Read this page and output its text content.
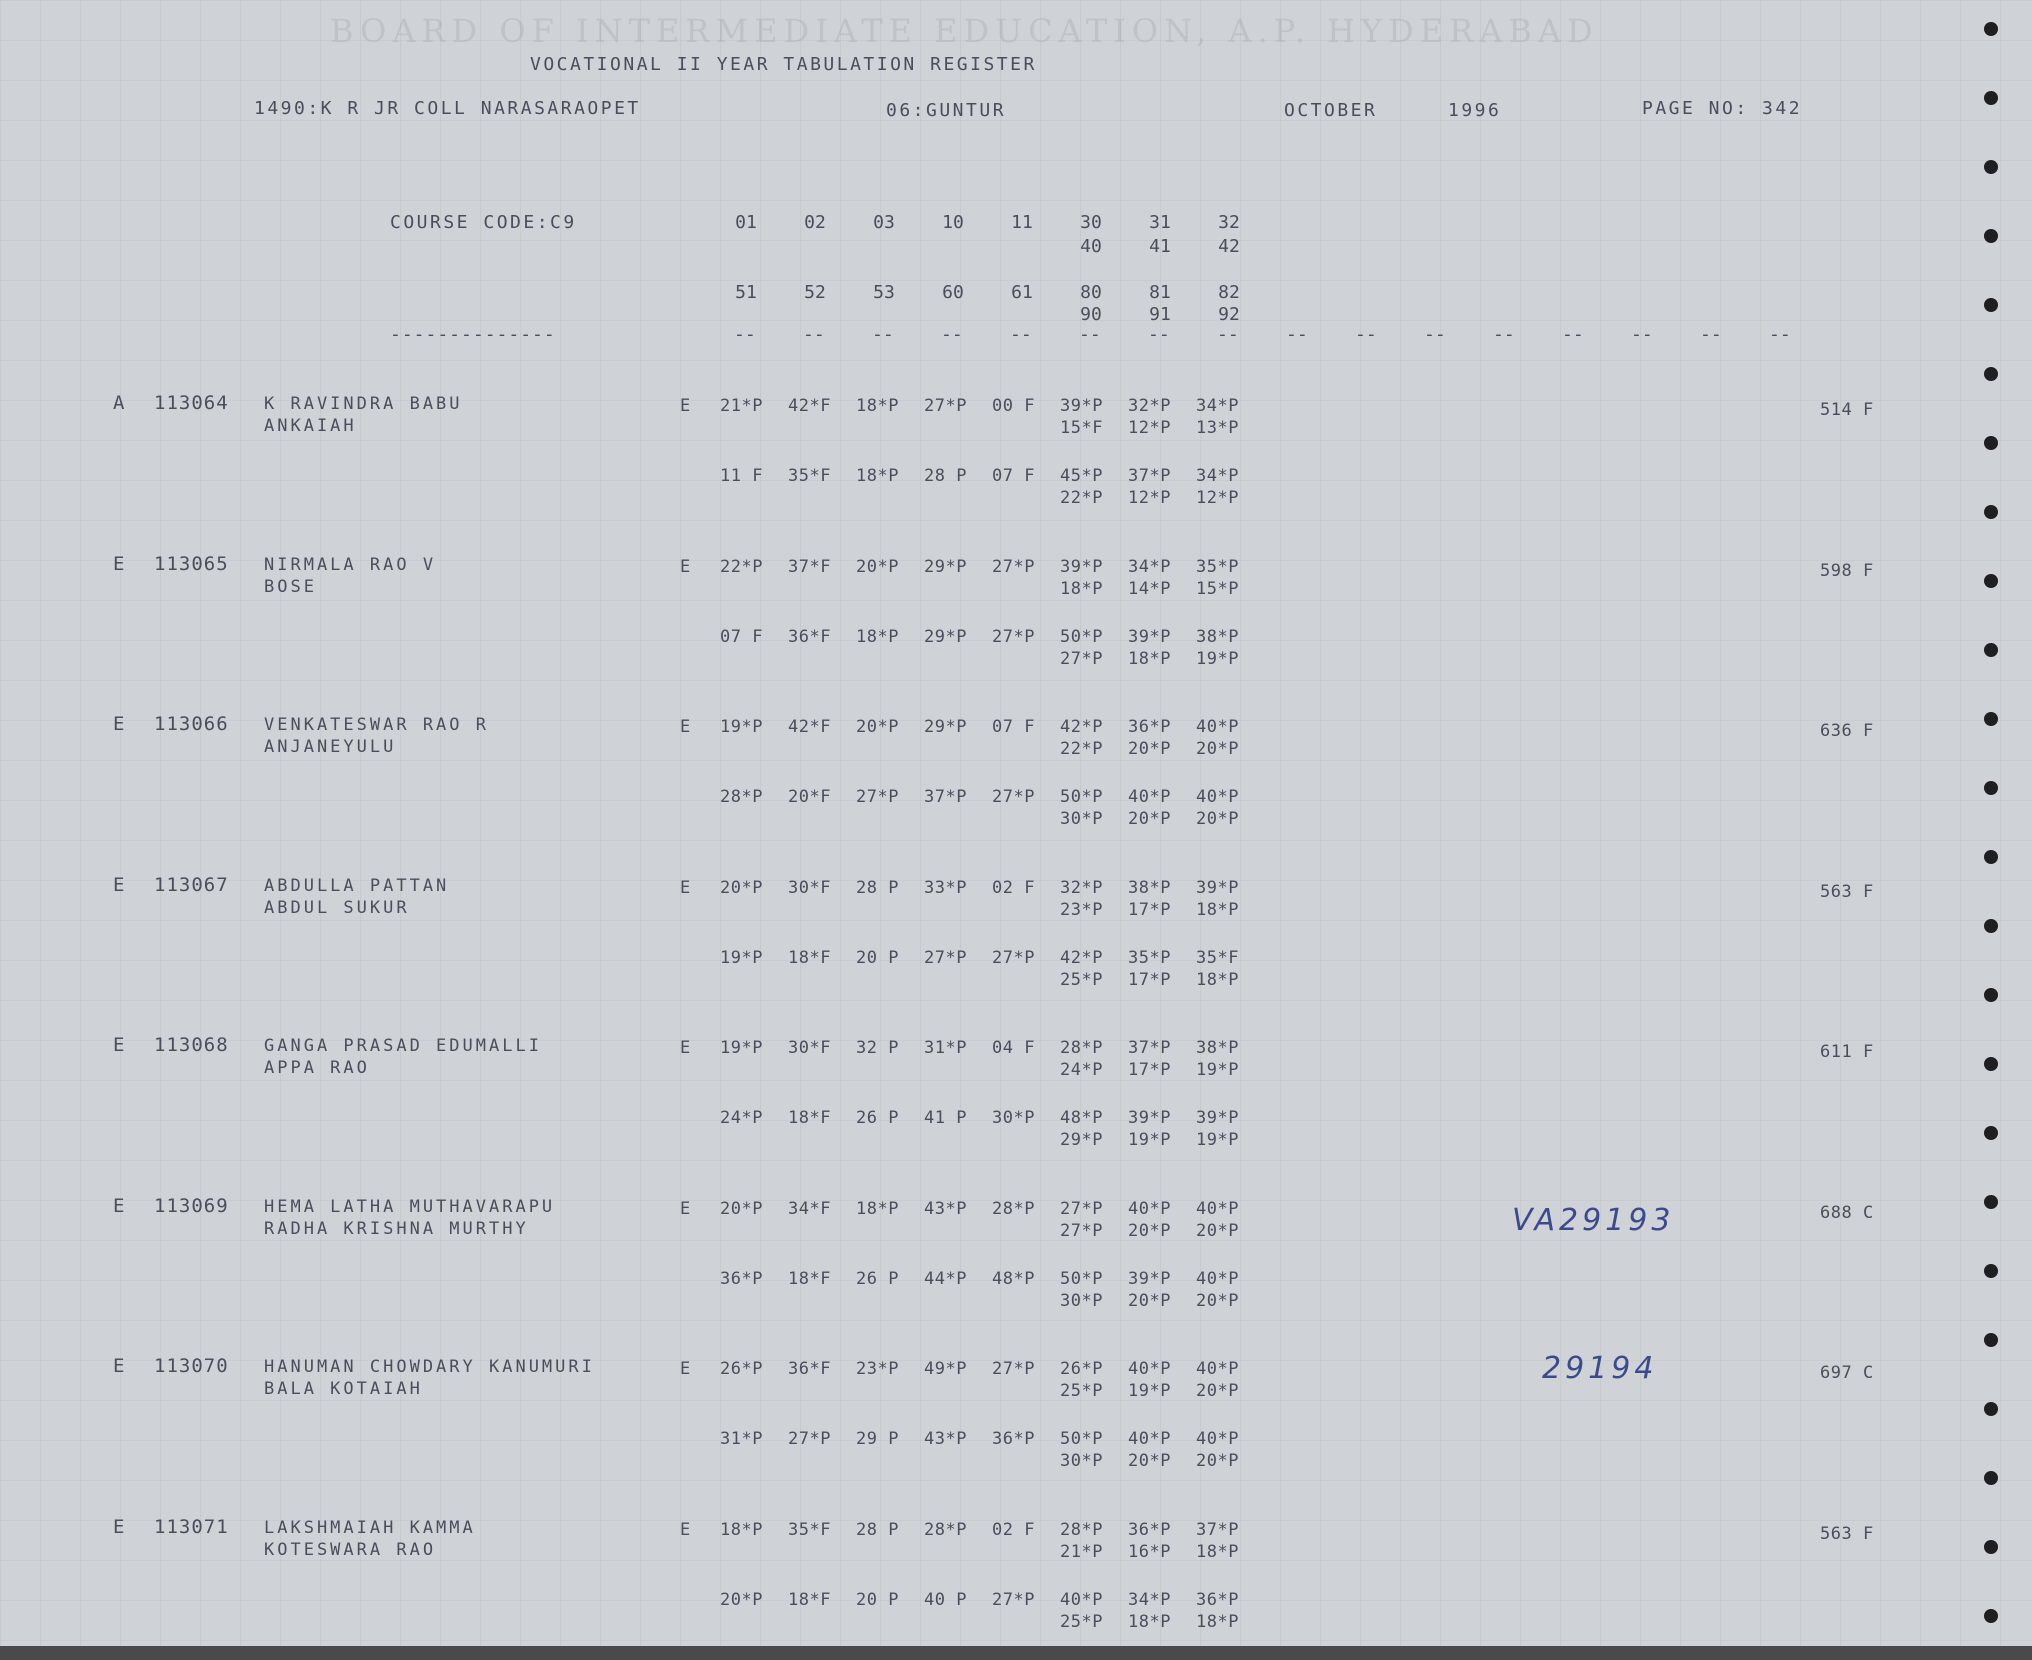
BOARD OF INTERMEDIATE EDUCATION, A.P. HYDERABAD
VOCATIONAL II YEAR TABULATION REGISTER
1490:K R JR COLL NARASARAOPET	06:GUNTUR	OCTOBER	1996	PAGE NO: 342
COURSE CODE:C9
--------------
01	02	03	10	11	30	31	32
40	41	42
51	52	53	60	61	80	81	82
90	91	92
--	--	--	--	--	--	--	--	--	--	--	--	--	--	--	--
A 113064 K RAVINDRA BABU
ANKAIAH
E 21*P 42*F 18*P 27*P 00 F 39*P 32*P 34*P
15*F 12*P 13*P
11 F 35*F 18*P 28 P 07 F 45*P 37*P 34*P
22*P 12*P 12*P
514 F
E 113065 NIRMALA RAO V
BOSE
E 22*P 37*F 20*P 29*P 27*P 39*P 34*P 35*P
18*P 14*P 15*P
07 F 36*F 18*P 29*P 27*P 50*P 39*P 38*P
27*P 18*P 19*P
598 F
E 113066 VENKATESWAR RAO R
ANJANEYULU
E 19*P 42*F 20*P 29*P 07 F 42*P 36*P 40*P
22*P 20*P 20*P
28*P 20*F 27*P 37*P 27*P 50*P 40*P 40*P
30*P 20*P 20*P
636 F
E 113067 ABDULLA PATTAN
ABDUL SUKUR
E 20*P 30*F 28 P 33*P 02 F 32*P 38*P 39*P
23*P 17*P 18*P
19*P 18*F 20 P 27*P 27*P 42*P 35*P 35*F
25*P 17*P 18*P
563 F
E 113068 GANGA PRASAD EDUMALLI
APPA RAO
E 19*P 30*F 32 P 31*P 04 F 28*P 37*P 38*P
24*P 17*P 19*P
24*P 18*F 26 P 41 P 30*P 48*P 39*P 39*P
29*P 19*P 19*P
611 F
E 113069 HEMA LATHA MUTHAVARAPU
RADHA KRISHNA MURTHY
E 20*P 34*F 18*P 43*P 28*P 27*P 40*P 40*P
27*P 20*P 20*P
36*P 18*F 26 P 44*P 48*P 50*P 39*P 40*P
30*P 20*P 20*P
688 C
VA29193
E 113070 HANUMAN CHOWDARY KANUMURI
BALA KOTAIAH
E 26*P 36*F 23*P 49*P 27*P 26*P 40*P 40*P
25*P 19*P 20*P
31*P 27*P 29 P 43*P 36*P 50*P 40*P 40*P
30*P 20*P 20*P
697 C
29194
E 113071 LAKSHMAIAH KAMMA
KOTESWARA RAO
E 18*P 35*F 28 P 28*P 02 F 28*P 36*P 37*P
21*P 16*P 18*P
20*P 18*F 20 P 40 P 27*P 40*P 34*P 36*P
25*P 18*P 18*P
563 F
